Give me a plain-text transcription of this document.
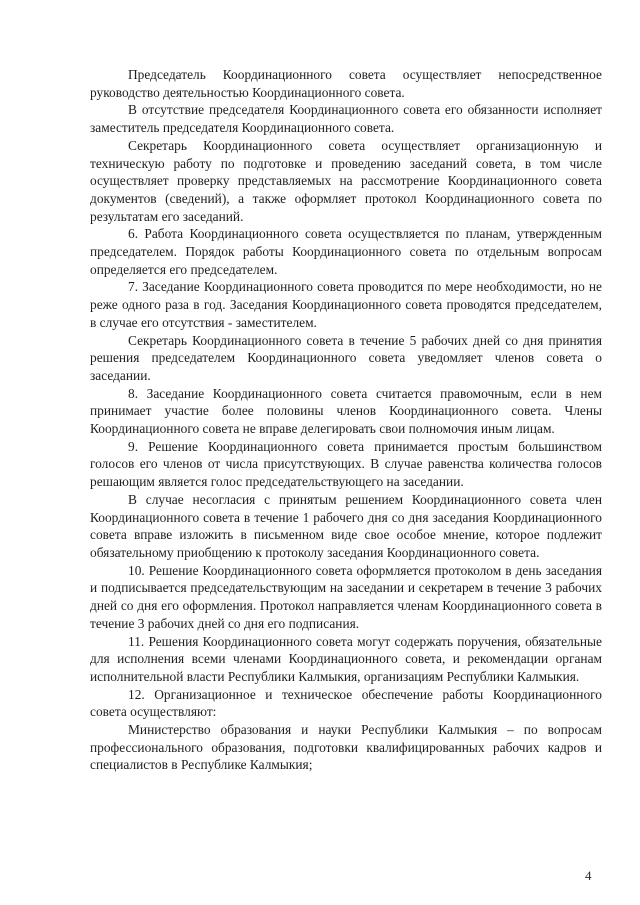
Председатель Координационного совета осуществляет непосредственное руководство деятельностью Координационного совета.

В отсутствие председателя Координационного совета его обязанности исполняет заместитель председателя Координационного совета.

Секретарь Координационного совета осуществляет организационную и техническую работу по подготовке и проведению заседаний совета, в том числе осуществляет проверку представляемых на рассмотрение Координационного совета документов (сведений), а также оформляет протокол Координационного совета по результатам его заседаний.

6. Работа Координационного совета осуществляется по планам, утвержденным председателем. Порядок работы Координационного совета по отдельным вопросам определяется его председателем.

7. Заседание Координационного совета проводится по мере необходимости, но не реже одного раза в год. Заседания Координационного совета проводятся председателем, в случае его отсутствия - заместителем.

Секретарь Координационного совета в течение 5 рабочих дней со дня принятия решения председателем Координационного совета уведомляет членов совета о заседании.

8. Заседание Координационного совета считается правомочным, если в нем принимает участие более половины членов Координационного совета. Члены Координационного совета не вправе делегировать свои полномочия иным лицам.

9. Решение Координационного совета принимается простым большинством голосов его членов от числа присутствующих. В случае равенства количества голосов решающим является голос председательствующего на заседании.

В случае несогласия с принятым решением Координационного совета член Координационного совета в течение 1 рабочего дня со дня заседания Координационного совета вправе изложить в письменном виде свое особое мнение, которое подлежит обязательному приобщению к протоколу заседания Координационного совета.

10. Решение Координационного совета оформляется протоколом в день заседания и подписывается председательствующим на заседании и секретарем в течение 3 рабочих дней со дня его оформления. Протокол направляется членам Координационного совета в течение 3 рабочих дней со дня его подписания.

11. Решения Координационного совета могут содержать поручения, обязательные для исполнения всеми членами Координационного совета, и рекомендации органам исполнительной власти Республики Калмыкия, организациям Республики Калмыкия.

12. Организационное и техническое обеспечение работы Координационного совета осуществляют:

Министерство образования и науки Республики Калмыкия – по вопросам профессионального образования, подготовки квалифицированных рабочих кадров и специалистов в Республике Калмыкия;

4
